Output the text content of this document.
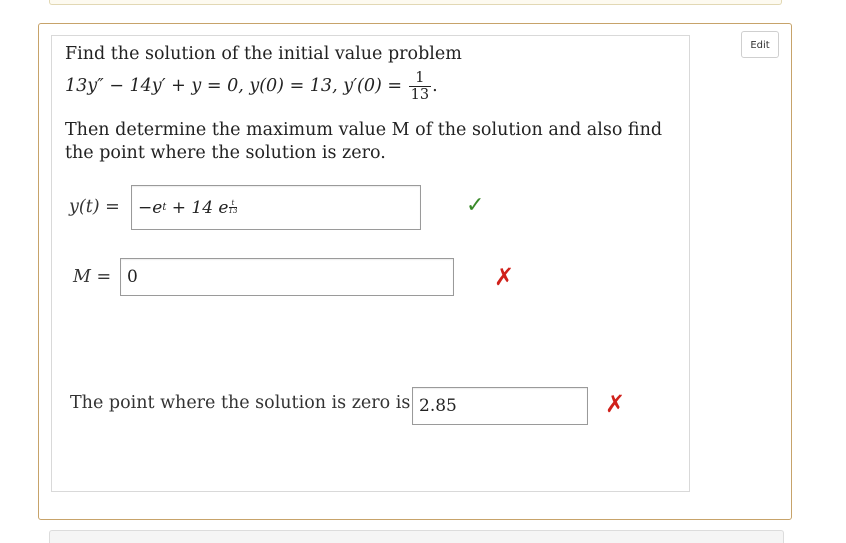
Edit
Find the solution of the initial value problem
13y″ − 14y′ + y = 0, y(0) = 13, $y'(0) = \frac{1}{13}$ .
Then determine the maximum value M of the solution and also find
the point where the solution is zero.
y(t) = −e t + 14 e $\frac{t}{13}$	✓
M = 0	✗
The point where the solution is zero is 2.85	✗
